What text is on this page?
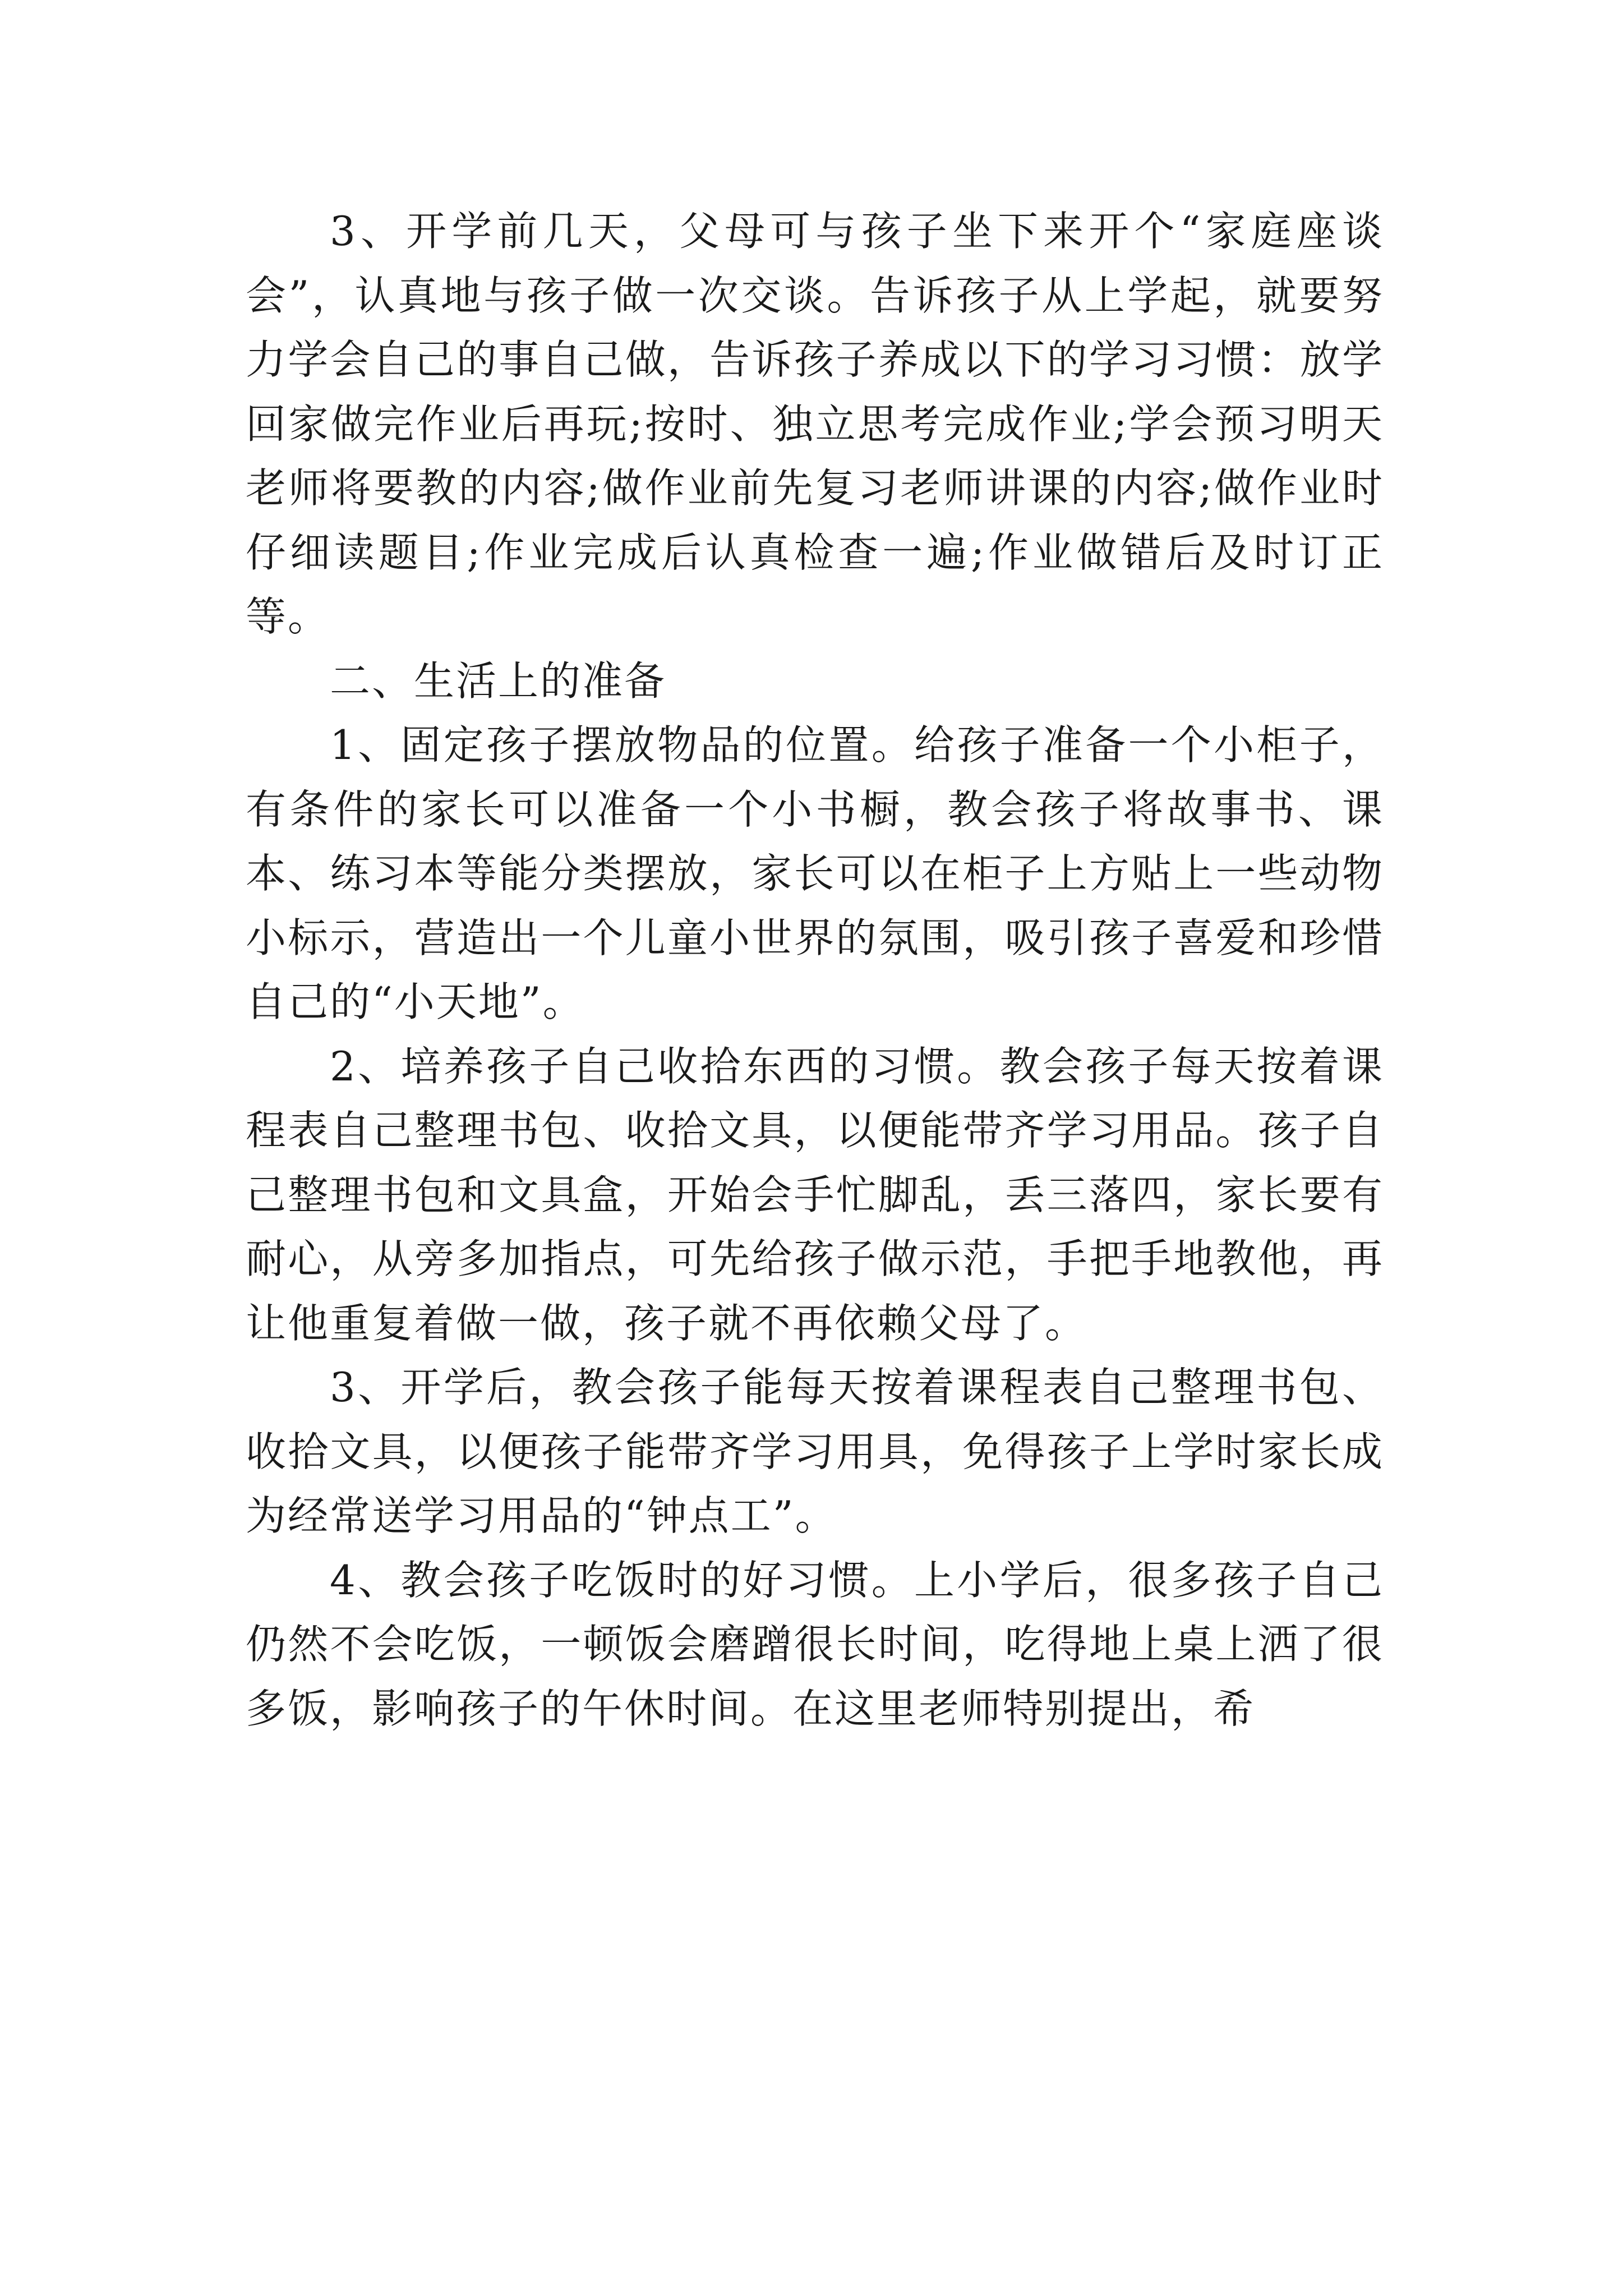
3、开学前几天，父母可与孩子坐下来开个“家庭座谈会”，认真地与孩子做一次交谈。告诉孩子从上学起，就要努力学会自己的事自己做，告诉孩子养成以下的学习习惯：放学回家做完作业后再玩;按时、独立思考完成作业;学会预习明天老师将要教的内容;做作业前先复习老师讲课的内容;做作业时仔细读题目;作业完成后认真检查一遍;作业做错后及时订正等。

二、生活上的准备

1、固定孩子摆放物品的位置。给孩子准备一个小柜子，有条件的家长可以准备一个小书橱，教会孩子将故事书、课本、练习本等能分类摆放，家长可以在柜子上方贴上一些动物小标示，营造出一个儿童小世界的氛围，吸引孩子喜爱和珍惜自己的“小天地”。

2、培养孩子自己收拾东西的习惯。教会孩子每天按着课程表自己整理书包、收拾文具，以便能带齐学习用品。孩子自己整理书包和文具盒，开始会手忙脚乱，丢三落四，家长要有耐心，从旁多加指点，可先给孩子做示范，手把手地教他，再让他重复着做一做，孩子就不再依赖父母了。

3、开学后，教会孩子能每天按着课程表自己整理书包、收拾文具，以便孩子能带齐学习用具，免得孩子上学时家长成为经常送学习用品的“钟点工”。

4、教会孩子吃饭时的好习惯。上小学后，很多孩子自己仍然不会吃饭，一顿饭会磨蹭很长时间，吃得地上桌上洒了很多饭，影响孩子的午休时间。在这里老师特别提出，希
